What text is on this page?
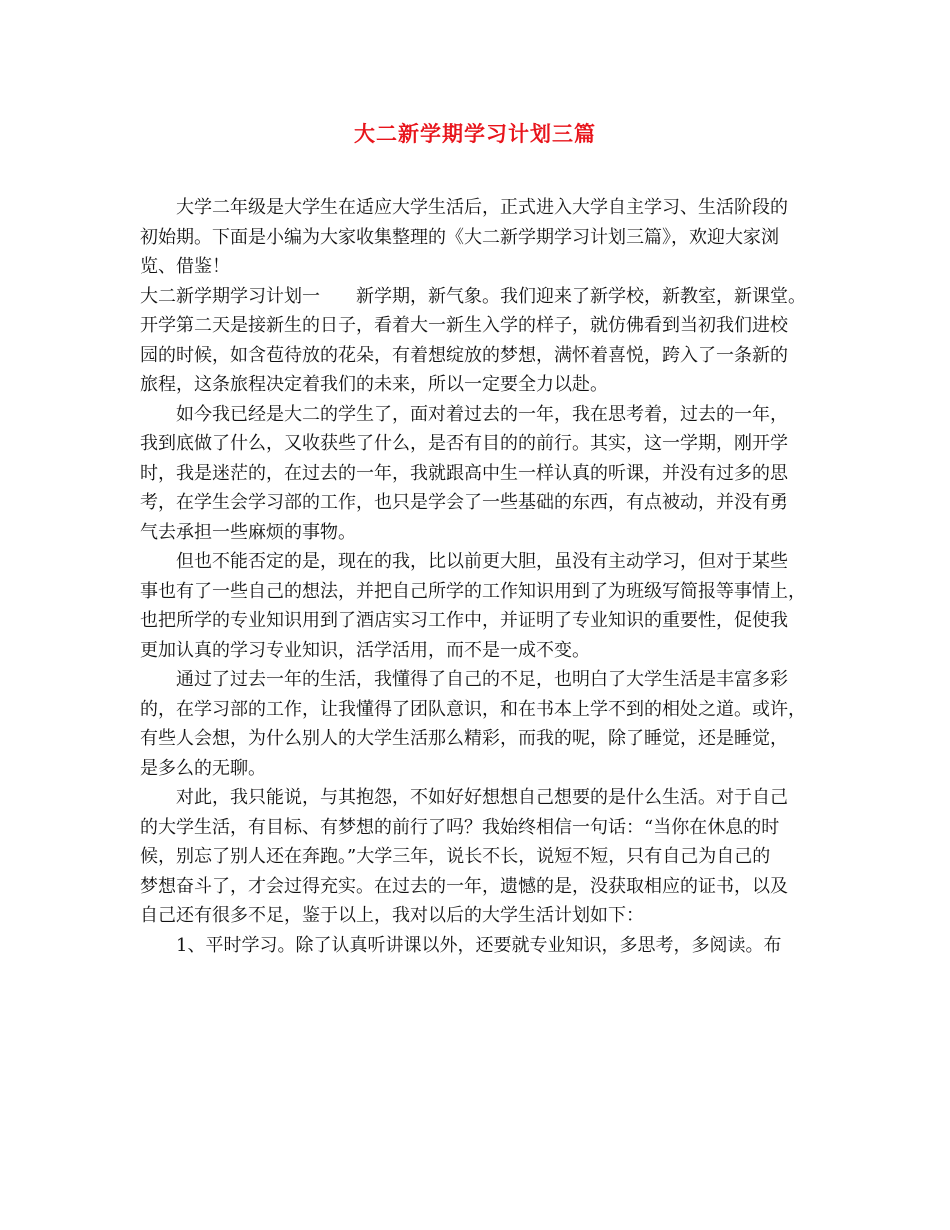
大二新学期学习计划三篇

大学二年级是大学生在适应大学生活后，正式进入大学自主学习、生活阶段的

初始期。下面是小编为大家收集整理的《大二新学期学习计划三篇》，欢迎大家浏

览、借鉴！

大二新学期学习计划一　　新学期，新气象。我们迎来了新学校，新教室，新课堂。

开学第二天是接新生的日子，看着大一新生入学的样子，就仿佛看到当初我们进校

园的时候，如含苞待放的花朵，有着想绽放的梦想，满怀着喜悦，跨入了一条新的

旅程，这条旅程决定着我们的未来，所以一定要全力以赴。

如今我已经是大二的学生了，面对着过去的一年，我在思考着，过去的一年，

我到底做了什么，又收获些了什么，是否有目的的前行。其实，这一学期，刚开学

时，我是迷茫的，在过去的一年，我就跟高中生一样认真的听课，并没有过多的思

考，在学生会学习部的工作，也只是学会了一些基础的东西，有点被动，并没有勇

气去承担一些麻烦的事物。

但也不能否定的是，现在的我，比以前更大胆，虽没有主动学习，但对于某些

事也有了一些自己的想法，并把自己所学的工作知识用到了为班级写简报等事情上，

也把所学的专业知识用到了酒店实习工作中，并证明了专业知识的重要性，促使我

更加认真的学习专业知识，活学活用，而不是一成不变。

通过了过去一年的生活，我懂得了自己的不足，也明白了大学生活是丰富多彩

的，在学习部的工作，让我懂得了团队意识，和在书本上学不到的相处之道。或许，

有些人会想，为什么别人的大学生活那么精彩，而我的呢，除了睡觉，还是睡觉，

是多么的无聊。

对此，我只能说，与其抱怨，不如好好想想自己想要的是什么生活。对于自己

的大学生活，有目标、有梦想的前行了吗？我始终相信一句话：“当你在休息的时

候，别忘了别人还在奔跑。”大学三年，说长不长，说短不短，只有自己为自己的

梦想奋斗了，才会过得充实。在过去的一年，遗憾的是，没获取相应的证书，以及

自己还有很多不足，鉴于以上，我对以后的大学生活计划如下：

1、平时学习。除了认真听讲课以外，还要就专业知识，多思考，多阅读。布
